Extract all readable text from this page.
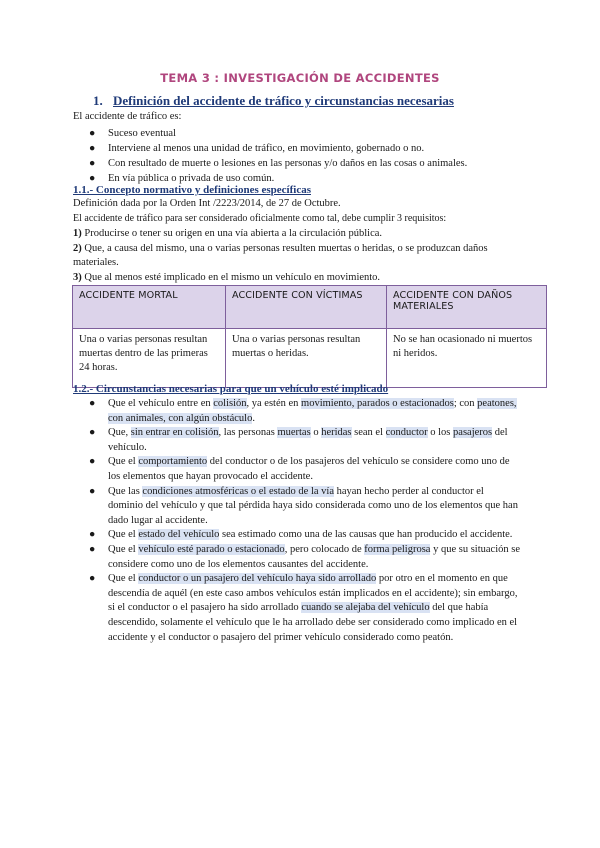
TEMA 3 : INVESTIGACIÓN DE ACCIDENTES
1. Definición del accidente de tráfico y circunstancias necesarias
El accidente de tráfico es:
● Suceso eventual
● Interviene al menos una unidad de tráfico, en movimiento, gobernado o no.
● Con resultado de muerte o lesiones en las personas y/o daños en las cosas o animales.
● En vía pública o privada de uso común.
1.1.- Concepto normativo y definiciones específicas
Definición dada por la Orden Int /2223/2014, de 27 de Octubre.
El accidente de tráfico para ser considerado oficialmente como tal, debe cumplir 3 requisitos:
1) Producirse o tener su origen en una vía abierta a la circulación pública.
2) Que, a causa del mismo, una o varias personas resulten muertas o heridas, o se produzcan daños
materiales.
3) Que al menos esté implicado en el mismo un vehículo en movimiento.
ACCIDENTE MORTAL	ACCIDENTE CON VÍCTIMAS	ACCIDENTE CON DAÑOS MATERIALES
Una o varias personas resultan muertas dentro de las primeras 24 horas.	Una o varias personas resultan muertas o heridas.	No se han ocasionado ni muertos ni heridos.
1.2.- Circunstancias necesarias para que un vehículo esté implicado
● Que el vehículo entre en colisión, ya estén en movimiento, parados o estacionados; con peatones, con animales, con algún obstáculo.
● Que, sin entrar en colisión, las personas muertas o heridas sean el conductor o los pasajeros del vehículo.
● Que el comportamiento del conductor o de los pasajeros del vehículo se considere como uno de los elementos que hayan provocado el accidente.
● Que las condiciones atmosféricas o el estado de la vía hayan hecho perder al conductor el dominio del vehículo y que tal pérdida haya sido considerada como uno de los elementos que han dado lugar al accidente.
● Que el estado del vehículo sea estimado como una de las causas que han producido el accidente.
● Que el vehículo esté parado o estacionado, pero colocado de forma peligrosa y que su situación se considere como uno de los elementos causantes del accidente.
● Que el conductor o un pasajero del vehículo haya sido arrollado por otro en el momento en que descendía de aquél (en este caso ambos vehículos están implicados en el accidente); sin embargo, si el conductor o el pasajero ha sido arrollado cuando se alejaba del vehículo del que había descendido, solamente el vehículo que le ha arrollado debe ser considerado como implicado en el accidente y el conductor o pasajero del primer vehículo considerado como peatón.
